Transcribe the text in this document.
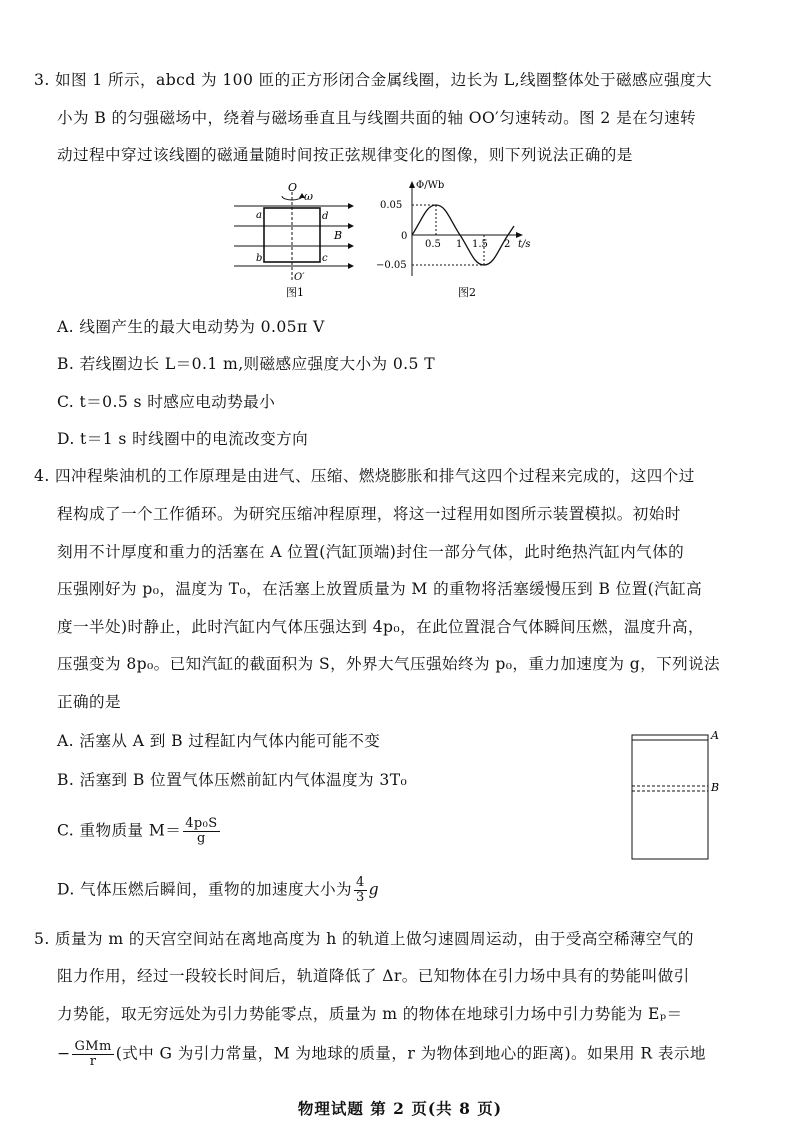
3. 如图 1 所示，abcd 为 100 匝的正方形闭合金属线圈，边长为 L,线圈整体处于磁感应强度大
小为 B 的匀强磁场中，绕着与磁场垂直且与线圈共面的轴 OO′匀速转动。图 2 是在匀速转
动过程中穿过该线圈的磁通量随时间按正弦规律变化的图像，则下列说法正确的是
O
ω
a	d
b	c
B
O′
图1
Φ/Wb
0.05
0
−0.05
0.5 1 1.5 2 t/s
图2
A. 线圈产生的最大电动势为 0.05π V
B. 若线圈边长 L＝0.1 m,则磁感应强度大小为 0.5 T
C. t＝0.5 s 时感应电动势最小
D. t＝1 s 时线圈中的电流改变方向
4. 四冲程柴油机的工作原理是由进气、压缩、燃烧膨胀和排气这四个过程来完成的，这四个过
程构成了一个工作循环。为研究压缩冲程原理，将这一过程用如图所示装置模拟。初始时
刻用不计厚度和重力的活塞在 A 位置(汽缸顶端)封住一部分气体，此时绝热汽缸内气体的
压强刚好为 p₀，温度为 T₀，在活塞上放置质量为 M 的重物将活塞缓慢压到 B 位置(汽缸高
度一半处)时静止，此时汽缸内气体压强达到 4p₀，在此位置混合气体瞬间压燃，温度升高，
压强变为 8p₀。已知汽缸的截面积为 S，外界大气压强始终为 p₀，重力加速度为 g，下列说法
正确的是
A. 活塞从 A 到 B 过程缸内气体内能可能不变
B. 活塞到 B 位置气体压燃前缸内气体温度为 3T₀
C. 重物质量 $M= \frac{\text{4p₀S}}{g}$
D. 气体压燃后瞬间，重物的加速度大小为 $\frac{4}{3}$ g
A
B
5. 质量为 m 的天宫空间站在离地高度为 h 的轨道上做匀速圆周运动，由于受高空稀薄空气的
阻力作用，经过一段较长时间后，轨道降低了 Δr。已知物体在引力场中具有的势能叫做引
力势能，取无穷远处为引力势能零点，质量为 m 的物体在地球引力场中引力势能为 Eₚ＝
− $\frac{\text{GMm}}{r}$ (式中 G 为引力常量，M 为地球的质量，r 为物体到地心的距离)。如果用 R 表示地
物理试题 第 2 页(共 8 页)
